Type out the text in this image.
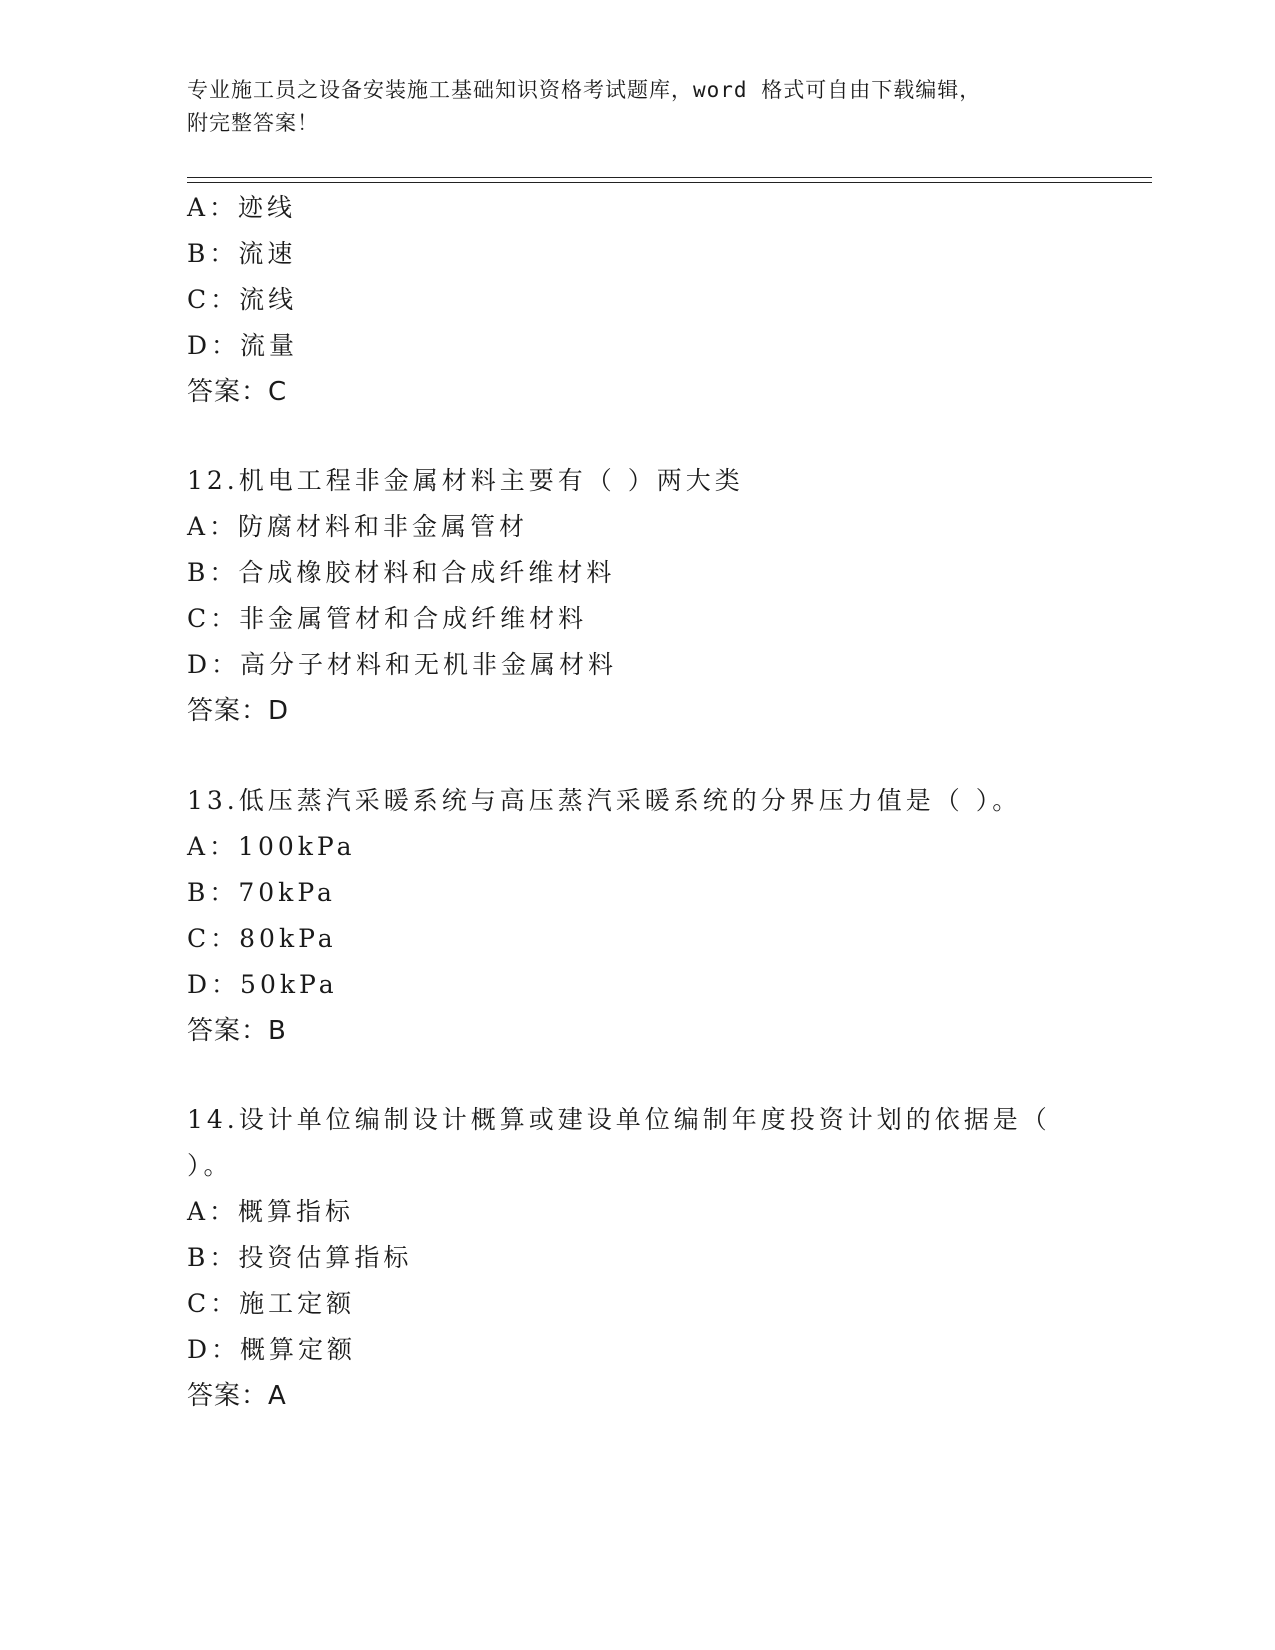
专业施工员之设备安装施工基础知识资格考试题库，word 格式可自由下载编辑，
附完整答案！
A：迹线
B：流速
C：流线
D：流量
答案：C
12.机电工程非金属材料主要有（ ）两大类
A：防腐材料和非金属管材
B：合成橡胶材料和合成纤维材料
C：非金属管材和合成纤维材料
D：高分子材料和无机非金属材料
答案：D
13.低压蒸汽采暖系统与高压蒸汽采暖系统的分界压力值是（ ）。
A：100kPa
B：70kPa
C：80kPa
D：50kPa
答案：B
14.设计单位编制设计概算或建设单位编制年度投资计划的依据是（
）。
A：概算指标
B：投资估算指标
C：施工定额
D：概算定额
答案：A
